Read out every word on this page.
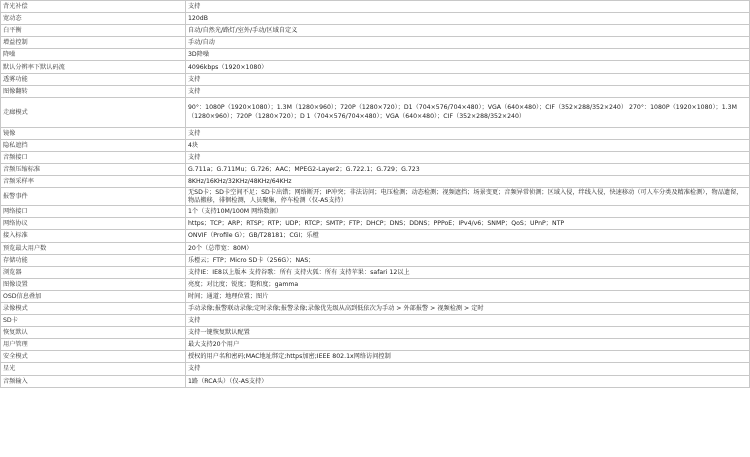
背光补偿	支持
宽动态	120dB
白平衡	自动/自然光/路灯/室外/手动/区域自定义
增益控制	手动/自动
降噪	3D降噪
默认分辨率下默认码流	4096kbps（1920×1080）
透雾功能	支持
图像翻转	支持
走廊模式	90°：1080P（1920×1080）；1.3M（1280×960）；720P（1280×720）；D1（704×576/704×480）；VGA（640×480）；CIF（352×288/352×240） 270°：1080P（1920×1080）；1.3M（1280×960）；720P（1280×720）；D 1（704×576/704×480）；VGA（640×480）；CIF（352×288/352×240）
镜像	支持
隐私遮挡	4块
音频接口	支持
音频压缩标准	G.711a；G.711Mu；G.726；AAC；MPEG2-Layer2；G.722.1；G.729；G.723
音频采样率	8KHz/16KHz/32KHz/48KHz/64KHz
报警事件	无SD卡；SD卡空间不足；SD卡出错；网络断开；IP冲突；非法访问；电压检测；动态检测；视频遮挡；场景变更；音频异常侦测；区域入侵，绊线入侵，快速移动（可人车分类及精准检测），物品遗留，物品搬移，徘徊检测，人员聚集，停车检测（仅-AS支持）
网络接口	1个（支持10M/100M 网络数据）
网络协议	https；TCP；ARP；RTSP；RTP；UDP；RTCP；SMTP；FTP；DHCP；DNS；DDNS；PPPoE；IPv4/v6；SNMP；QoS；UPnP；NTP
接入标准	ONVIF（Profile G）；GB/T28181；CGI；乐橙
预览最大用户数	20个（总带宽：80M）
存储功能	乐橙云；FTP；Micro SD卡（256G）；NAS；
浏览器	支持IE：IE8以上版本 支持谷歌：所有 支持火狐：所有 支持苹果：safari 12以上
图像设置	亮度；对比度；锐度；饱和度；gamma
OSD信息叠加	时间；通道；地理位置；图片
录像模式	手动录像;报警联动录像;定时录像;报警录像;录像优先级从高到低依次为手动 > 外部报警 > 视频检测 > 定时
SD卡	支持
恢复默认	支持一键恢复默认配置
用户管理	最大支持20个用户
安全模式	授权的用户名和密码;MAC地址绑定;https加密;IEEE 802.1x网络访问控制
星光	支持
音频输入	1路（RCA头）（仅-AS支持）
